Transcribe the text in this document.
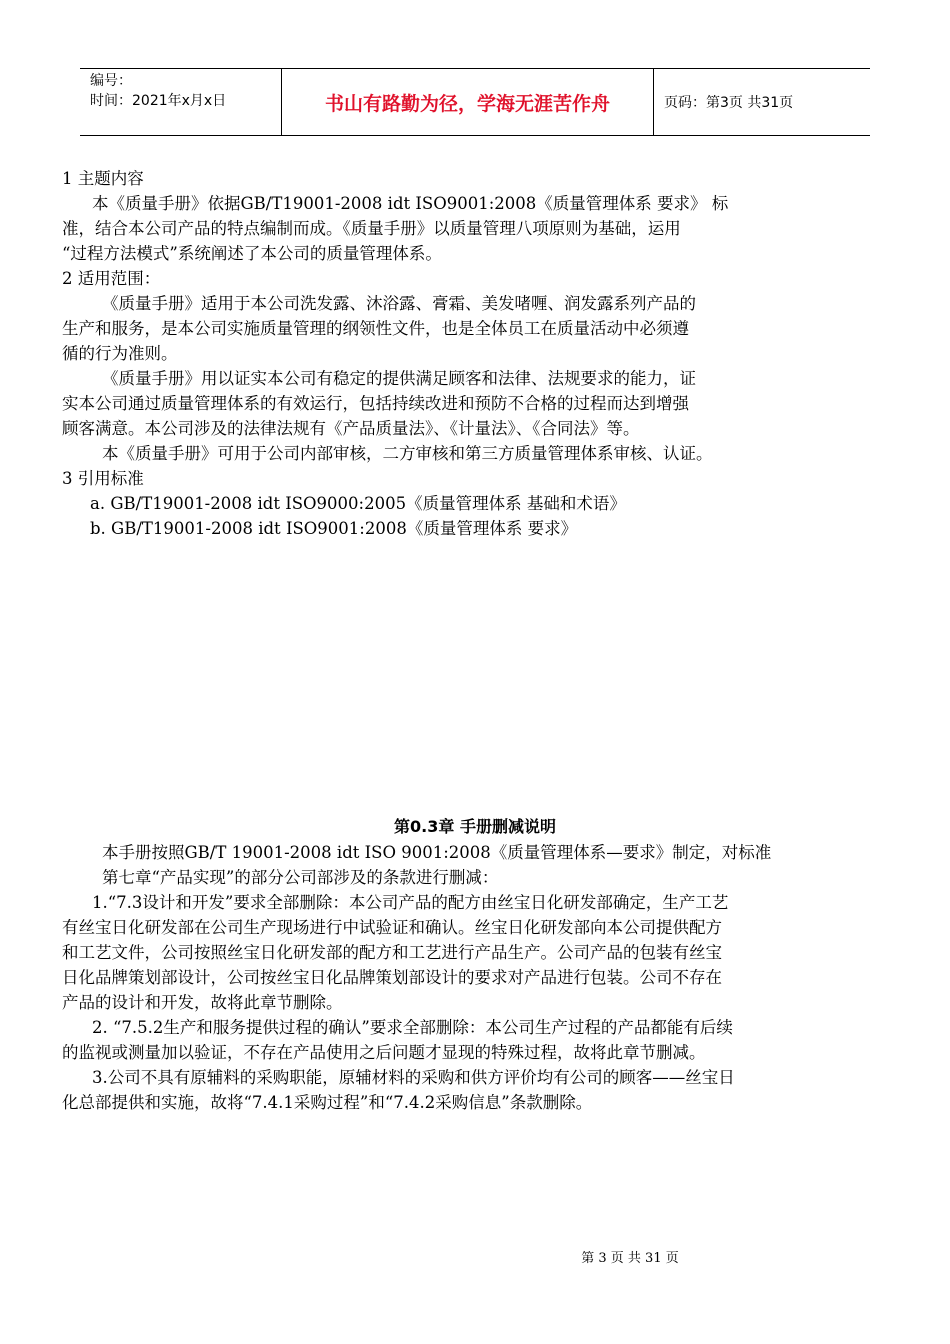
编号：
时间：2021年x月x日	书山有路勤为径，学海无涯苦作舟	页码：第3页 共31页

1 主题内容

本《质量手册》依据GB/T19001-2008 idt ISO9001:2008《质量管理体系 要求》 标

准，结合本公司产品的特点编制而成。《质量手册》以质量管理八项原则为基础，运用

“过程方法模式”系统阐述了本公司的质量管理体系。

2 适用范围：

《质量手册》适用于本公司洗发露、沐浴露、膏霜、美发啫喱、润发露系列产品的

生产和服务，是本公司实施质量管理的纲领性文件，也是全体员工在质量活动中必须遵

循的行为准则。

《质量手册》用以证实本公司有稳定的提供满足顾客和法律、法规要求的能力，证

实本公司通过质量管理体系的有效运行，包括持续改进和预防不合格的过程而达到增强

顾客满意。本公司涉及的法律法规有《产品质量法》、《计量法》、《合同法》等。

本《质量手册》可用于公司内部审核，二方审核和第三方质量管理体系审核、认证。

3 引用标准

a. GB/T19001-2008 idt ISO9000:2005《质量管理体系 基础和术语》

b. GB/T19001-2008 idt ISO9001:2008《质量管理体系 要求》

第0.3章 手册删减说明

本手册按照GB/T 19001-2008 idt ISO 9001:2008《质量管理体系—要求》制定，对标准

第七章“产品实现”的部分公司部涉及的条款进行删减：

1.“7.3设计和开发”要求全部删除：本公司产品的配方由丝宝日化研发部确定，生产工艺

有丝宝日化研发部在公司生产现场进行中试验证和确认。丝宝日化研发部向本公司提供配方

和工艺文件，公司按照丝宝日化研发部的配方和工艺进行产品生产。公司产品的包装有丝宝

日化品牌策划部设计，公司按丝宝日化品牌策划部设计的要求对产品进行包装。公司不存在

产品的设计和开发，故将此章节删除。

2. “7.5.2生产和服务提供过程的确认”要求全部删除：本公司生产过程的产品都能有后续

的监视或测量加以验证，不存在产品使用之后问题才显现的特殊过程，故将此章节删减。

3.公司不具有原辅料的采购职能，原辅材料的采购和供方评价均有公司的顾客——丝宝日

化总部提供和实施，故将“7.4.1采购过程”和“7.4.2采购信息”条款删除。

第 3 页 共 31 页
